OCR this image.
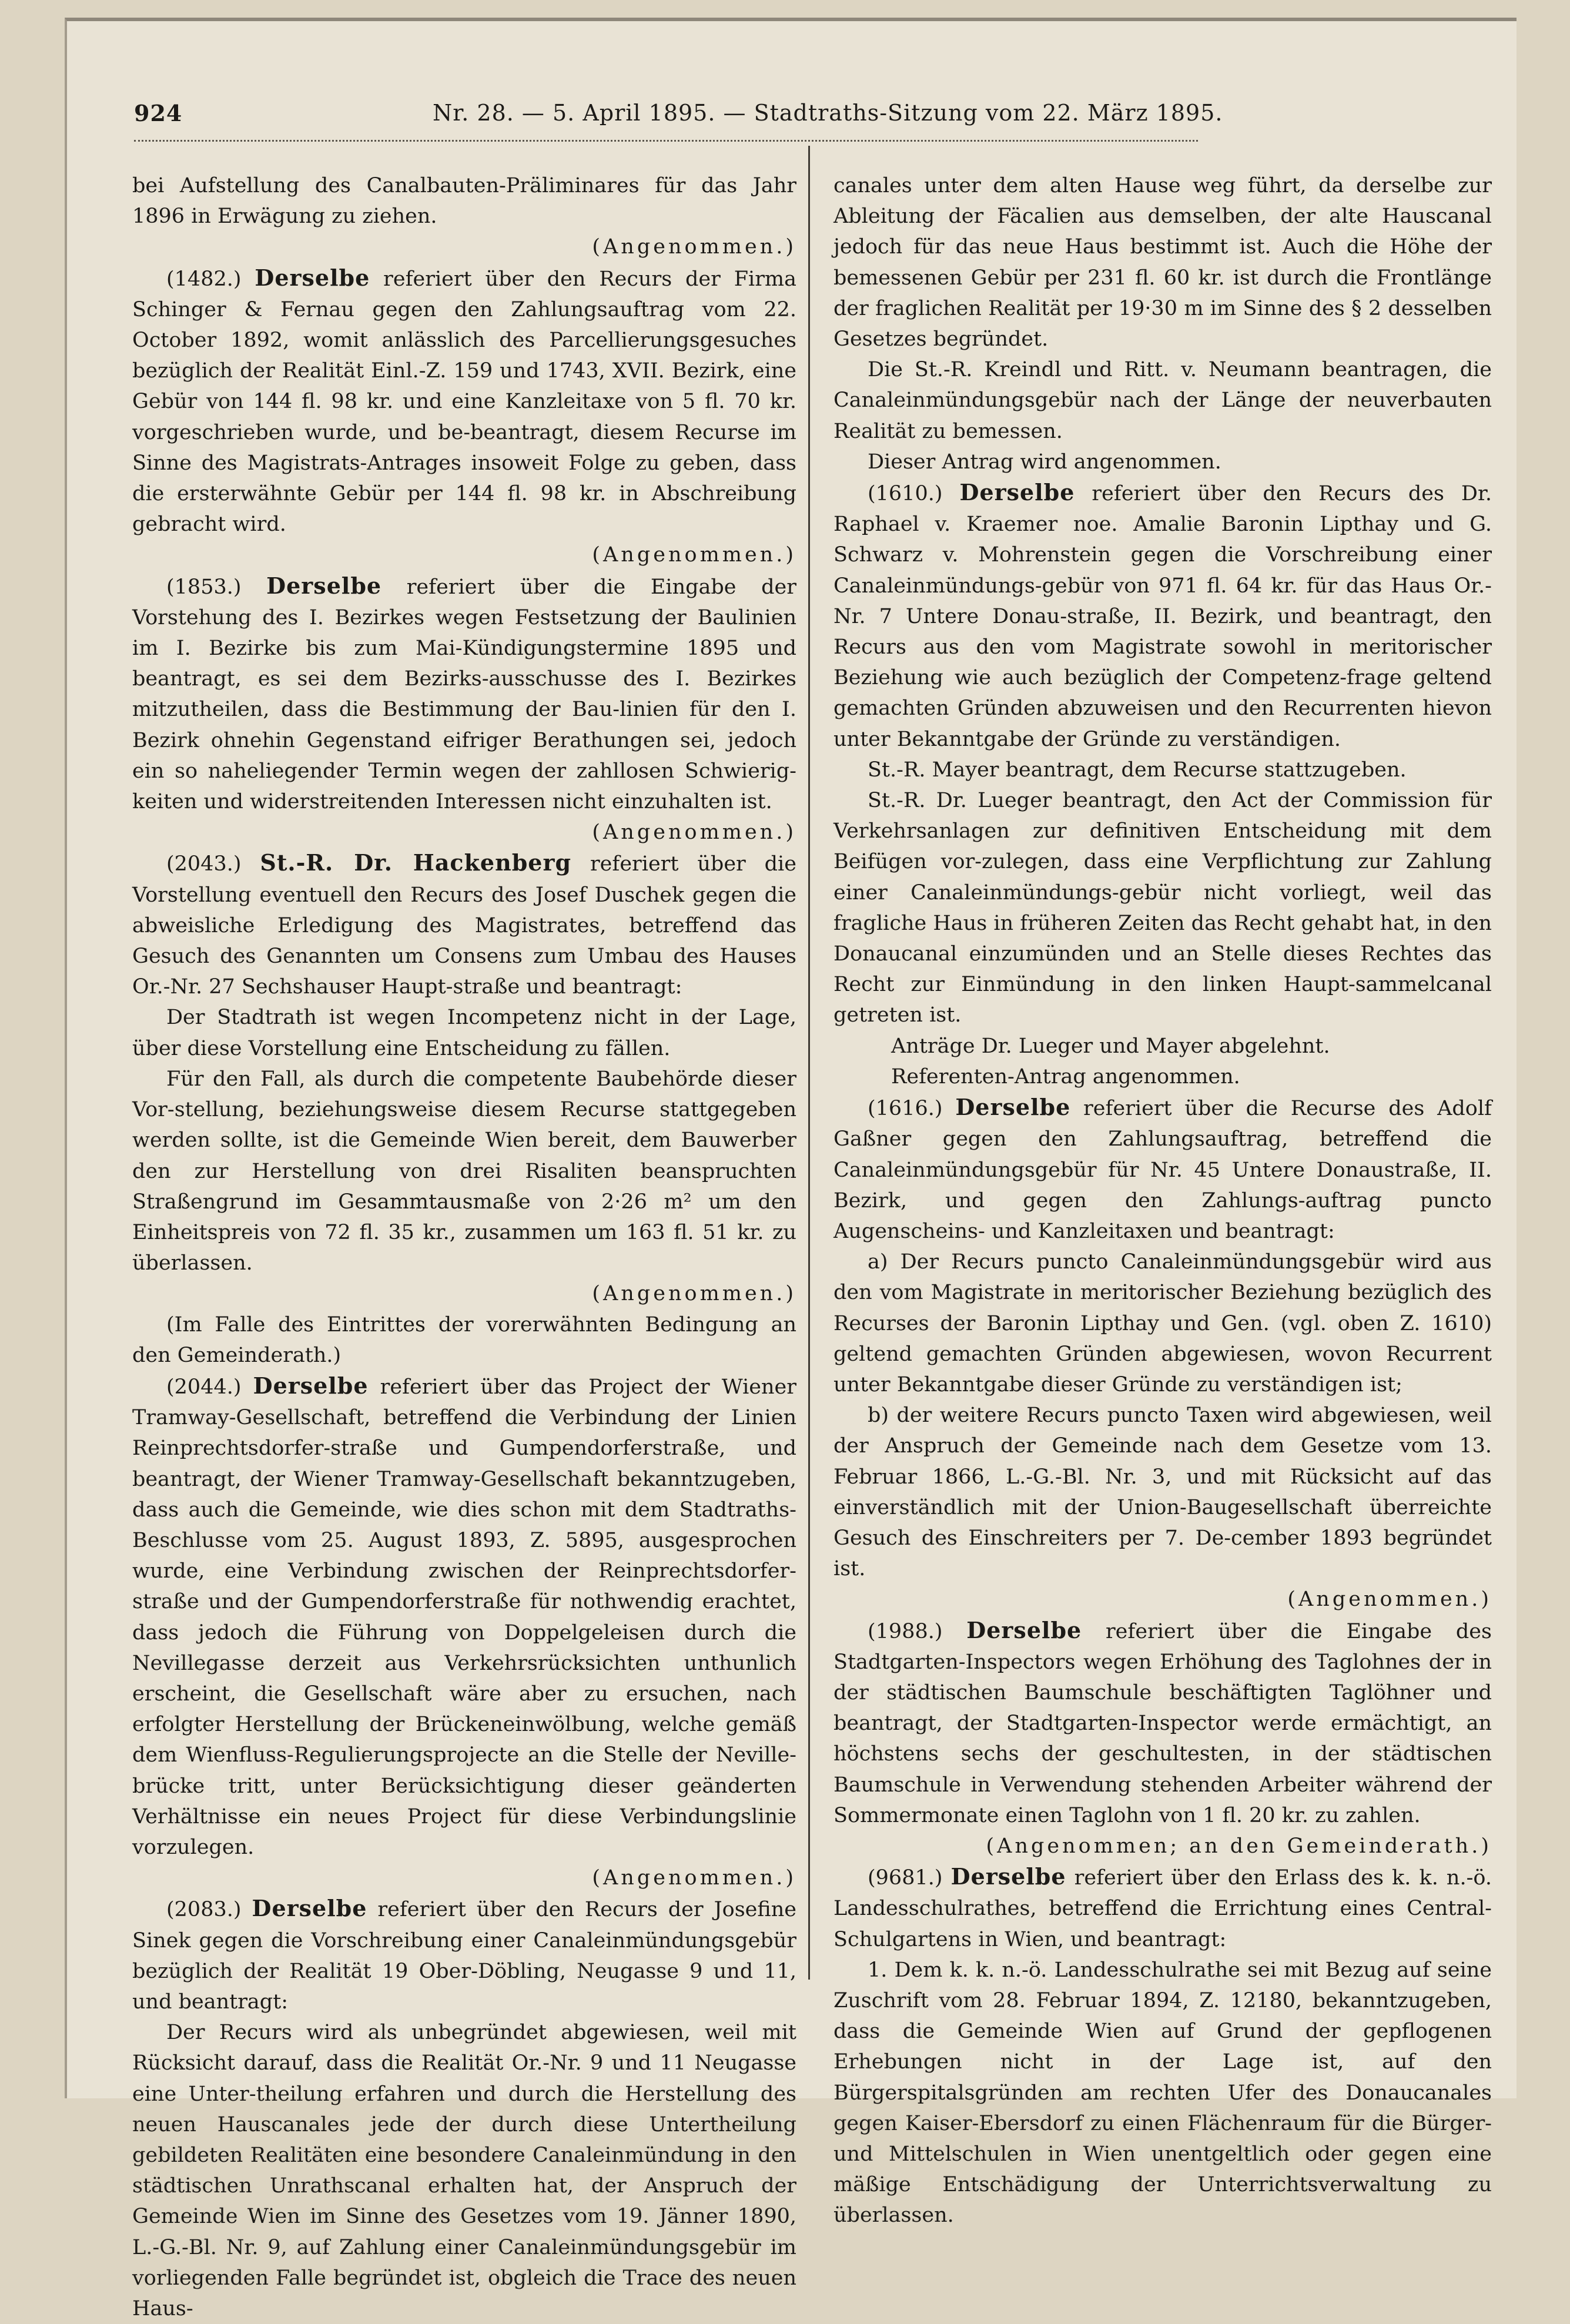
924	Nr. 28. — 5. April 1895. — Stadtraths-Sitzung vom 22. März 1895.

bei Aufstellung des Canalbauten-Präliminares für das Jahr 1896 in Erwägung zu ziehen.

(Angenommen.)

(1482.) Derselbe referiert über den Recurs der Firma Schinger & Fernau gegen den Zahlungsauftrag vom 22. October 1892, womit anlässlich des Parcellierungsgesuches bezüglich der Realität Einl.-Z. 159 und 1743, XVII. Bezirk, eine Gebür von 144 fl. 98 kr. und eine Kanzleitaxe von 5 fl. 70 kr. vorgeschrieben wurde, und be-beantragt, diesem Recurse im Sinne des Magistrats-Antrages insoweit Folge zu geben, dass die ersterwähnte Gebür per 144 fl. 98 kr. in Abschreibung gebracht wird.

(Angenommen.)

(1853.) Derselbe referiert über die Eingabe der Vorstehung des I. Bezirkes wegen Festsetzung der Baulinien im I. Bezirke bis zum Mai-Kündigungstermine 1895 und beantragt, es sei dem Bezirks-ausschusse des I. Bezirkes mitzutheilen, dass die Bestimmung der Bau-linien für den I. Bezirk ohnehin Gegenstand eifriger Berathungen sei, jedoch ein so naheliegender Termin wegen der zahllosen Schwierig-keiten und widerstreitenden Interessen nicht einzuhalten ist.

(Angenommen.)

(2043.) St.-R. Dr. Hackenberg referiert über die Vorstellung eventuell den Recurs des Josef Duschek gegen die abweisliche Erledigung des Magistrates, betreffend das Gesuch des Genannten um Consens zum Umbau des Hauses Or.-Nr. 27 Sechshauser Haupt-straße und beantragt:

Der Stadtrath ist wegen Incompetenz nicht in der Lage, über diese Vorstellung eine Entscheidung zu fällen.

Für den Fall, als durch die competente Baubehörde dieser Vor-stellung, beziehungsweise diesem Recurse stattgegeben werden sollte, ist die Gemeinde Wien bereit, dem Bauwerber den zur Herstellung von drei Risaliten beanspruchten Straßengrund im Gesammtausmaße von 2·26 m² um den Einheitspreis von 72 fl. 35 kr., zusammen um 163 fl. 51 kr. zu überlassen.

(Angenommen.)

(Im Falle des Eintrittes der vorerwähnten Bedingung an den Gemeinderath.)

(2044.) Derselbe referiert über das Project der Wiener Tramway-Gesellschaft, betreffend die Verbindung der Linien Reinprechtsdorfer-straße und Gumpendorferstraße, und beantragt, der Wiener Tramway-Gesellschaft bekanntzugeben, dass auch die Gemeinde, wie dies schon mit dem Stadtraths-Beschlusse vom 25. August 1893, Z. 5895, ausgesprochen wurde, eine Verbindung zwischen der Reinprechtsdorfer-straße und der Gumpendorferstraße für nothwendig erachtet, dass jedoch die Führung von Doppelgeleisen durch die Nevillegasse derzeit aus Verkehrsrücksichten unthunlich erscheint, die Gesellschaft wäre aber zu ersuchen, nach erfolgter Herstellung der Brückeneinwölbung, welche gemäß dem Wienfluss-Regulierungsprojecte an die Stelle der Neville-brücke tritt, unter Berücksichtigung dieser geänderten Verhältnisse ein neues Project für diese Verbindungslinie vorzulegen.

(Angenommen.)

(2083.) Derselbe referiert über den Recurs der Josefine Sinek gegen die Vorschreibung einer Canaleinmündungsgebür bezüglich der Realität 19 Ober-Döbling, Neugasse 9 und 11, und beantragt:

Der Recurs wird als unbegründet abgewiesen, weil mit Rücksicht darauf, dass die Realität Or.-Nr. 9 und 11 Neugasse eine Unter-theilung erfahren und durch die Herstellung des neuen Hauscanales jede der durch diese Untertheilung gebildeten Realitäten eine besondere Canaleinmündung in den städtischen Unrathscanal erhalten hat, der Anspruch der Gemeinde Wien im Sinne des Gesetzes vom 19. Jänner 1890, L.-G.-Bl. Nr. 9, auf Zahlung einer Canaleinmündungsgebür im vorliegenden Falle begründet ist, obgleich die Trace des neuen Haus-

canales unter dem alten Hause weg führt, da derselbe zur Ableitung der Fäcalien aus demselben, der alte Hauscanal jedoch für das neue Haus bestimmt ist. Auch die Höhe der bemessenen Gebür per 231 fl. 60 kr. ist durch die Frontlänge der fraglichen Realität per 19·30 m im Sinne des § 2 desselben Gesetzes begründet.

Die St.-R. Kreindl und Ritt. v. Neumann beantragen, die Canaleinmündungsgebür nach der Länge der neuverbauten Realität zu bemessen.

Dieser Antrag wird angenommen.

(1610.) Derselbe referiert über den Recurs des Dr. Raphael v. Kraemer noe. Amalie Baronin Lipthay und G. Schwarz v. Mohrenstein gegen die Vorschreibung einer Canaleinmündungs-gebür von 971 fl. 64 kr. für das Haus Or.-Nr. 7 Untere Donau-straße, II. Bezirk, und beantragt, den Recurs aus den vom Magistrate sowohl in meritorischer Beziehung wie auch bezüglich der Competenz-frage geltend gemachten Gründen abzuweisen und den Recurrenten hievon unter Bekanntgabe der Gründe zu verständigen.

St.-R. Mayer beantragt, dem Recurse stattzugeben.

St.-R. Dr. Lueger beantragt, den Act der Commission für Verkehrsanlagen zur definitiven Entscheidung mit dem Beifügen vor-zulegen, dass eine Verpflichtung zur Zahlung einer Canaleinmündungs-gebür nicht vorliegt, weil das fragliche Haus in früheren Zeiten das Recht gehabt hat, in den Donaucanal einzumünden und an Stelle dieses Rechtes das Recht zur Einmündung in den linken Haupt-sammelcanal getreten ist.

Anträge Dr. Lueger und Mayer abgelehnt.

Referenten-Antrag angenommen.

(1616.) Derselbe referiert über die Recurse des Adolf Gaßner gegen den Zahlungsauftrag, betreffend die Canaleinmündungsgebür für Nr. 45 Untere Donaustraße, II. Bezirk, und gegen den Zahlungs-auftrag puncto Augenscheins- und Kanzleitaxen und beantragt:

a) Der Recurs puncto Canaleinmündungsgebür wird aus den vom Magistrate in meritorischer Beziehung bezüglich des Recurses der Baronin Lipthay und Gen. (vgl. oben Z. 1610) geltend gemachten Gründen abgewiesen, wovon Recurrent unter Bekanntgabe dieser Gründe zu verständigen ist;

b) der weitere Recurs puncto Taxen wird abgewiesen, weil der Anspruch der Gemeinde nach dem Gesetze vom 13. Februar 1866, L.-G.-Bl. Nr. 3, und mit Rücksicht auf das einverständlich mit der Union-Baugesellschaft überreichte Gesuch des Einschreiters per 7. De-cember 1893 begründet ist.

(Angenommen.)

(1988.) Derselbe referiert über die Eingabe des Stadtgarten-Inspectors wegen Erhöhung des Taglohnes der in der städtischen Baumschule beschäftigten Taglöhner und beantragt, der Stadtgarten-Inspector werde ermächtigt, an höchstens sechs der geschultesten, in der städtischen Baumschule in Verwendung stehenden Arbeiter während der Sommermonate einen Taglohn von 1 fl. 20 kr. zu zahlen.

(Angenommen; an den Gemeinderath.)

(9681.) Derselbe referiert über den Erlass des k. k. n.-ö. Landesschulrathes, betreffend die Errichtung eines Central-Schulgartens in Wien, und beantragt:

1. Dem k. k. n.-ö. Landesschulrathe sei mit Bezug auf seine Zuschrift vom 28. Februar 1894, Z. 12180, bekanntzugeben, dass die Gemeinde Wien auf Grund der gepflogenen Erhebungen nicht in der Lage ist, auf den Bürgerspitalsgründen am rechten Ufer des Donaucanales gegen Kaiser-Ebersdorf zu einen Flächenraum für die Bürger- und Mittelschulen in Wien unentgeltlich oder gegen eine mäßige Entschädigung der Unterrichtsverwaltung zu überlassen.
